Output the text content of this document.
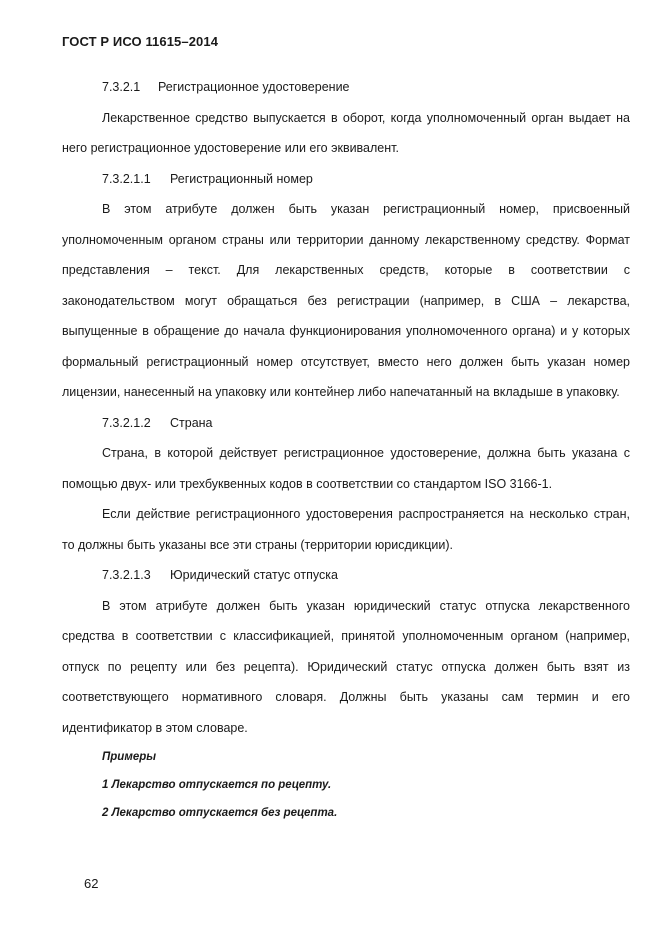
ГОСТ Р ИСО 11615–2014
7.3.2.1 Регистрационное удостоверение

Лекарственное средство выпускается в оборот, когда уполномоченный орган выдает на него регистрационное удостоверение или его эквивалент.

7.3.2.1.1 Регистрационный номер

В этом атрибуте должен быть указан регистрационный номер, присвоенный уполномоченным органом страны или территории данному лекарственному средству. Формат представления – текст. Для лекарственных средств, которые в соответствии с законодательством могут обращаться без регистрации (например, в США – лекарства, выпущенные в обращение до начала функционирования уполномоченного органа) и у которых формальный регистрационный номер отсутствует, вместо него должен быть указан номер лицензии, нанесенный на упаковку или контейнер либо напечатанный на вкладыше в упаковку.

7.3.2.1.2 Страна

Страна, в которой действует регистрационное удостоверение, должна быть указана с помощью двух- или трехбуквенных кодов в соответствии со стандартом ISO 3166-1.

Если действие регистрационного удостоверения распространяется на несколько стран, то должны быть указаны все эти страны (территории юрисдикции).

7.3.2.1.3 Юридический статус отпуска

В этом атрибуте должен быть указан юридический статус отпуска лекарственного средства в соответствии с классификацией, принятой уполномоченным органом (например, отпуск по рецепту или без рецепта). Юридический статус отпуска должен быть взят из соответствующего нормативного словаря. Должны быть указаны сам термин и его идентификатор в этом словаре.

Примеры
1 Лекарство отпускается по рецепту.
2 Лекарство отпускается без рецепта.
62
